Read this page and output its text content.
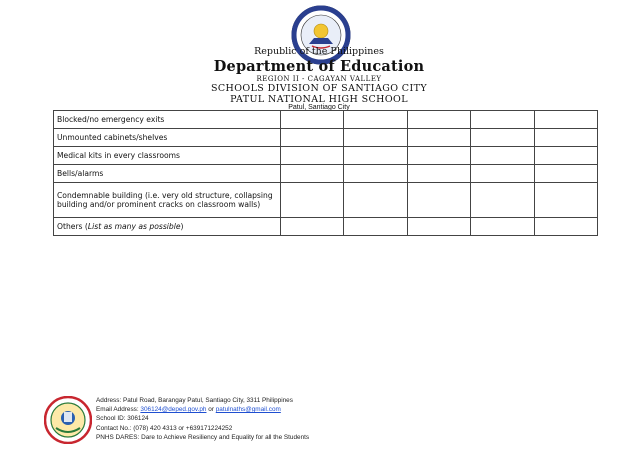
Republic of the Philippines
Department of Education
REGION II - CAGAYAN VALLEY
SCHOOLS DIVISION OF SANTIAGO CITY
PATUL NATIONAL HIGH SCHOOL
Patul, Santiago City
Blocked/no emergency exits					
Unmounted cabinets/shelves					
Medical kits in every classrooms					
Bells/alarms					
Condemnable building (i.e. very old structure, collapsing
building and/or prominent cracks on classroom walls)					
Others (List as many as possible)					
Address: Patul Road, Barangay Patul, Santiago City, 3311 Philippines
Email Address: 306124@deped.gov.ph or patulnaths@gmail.com
School ID: 306124
Contact No.: (078) 420 4313 or +639171224252
PNHS DARES: Dare to Achieve Resiliency and Equality for all the Students
